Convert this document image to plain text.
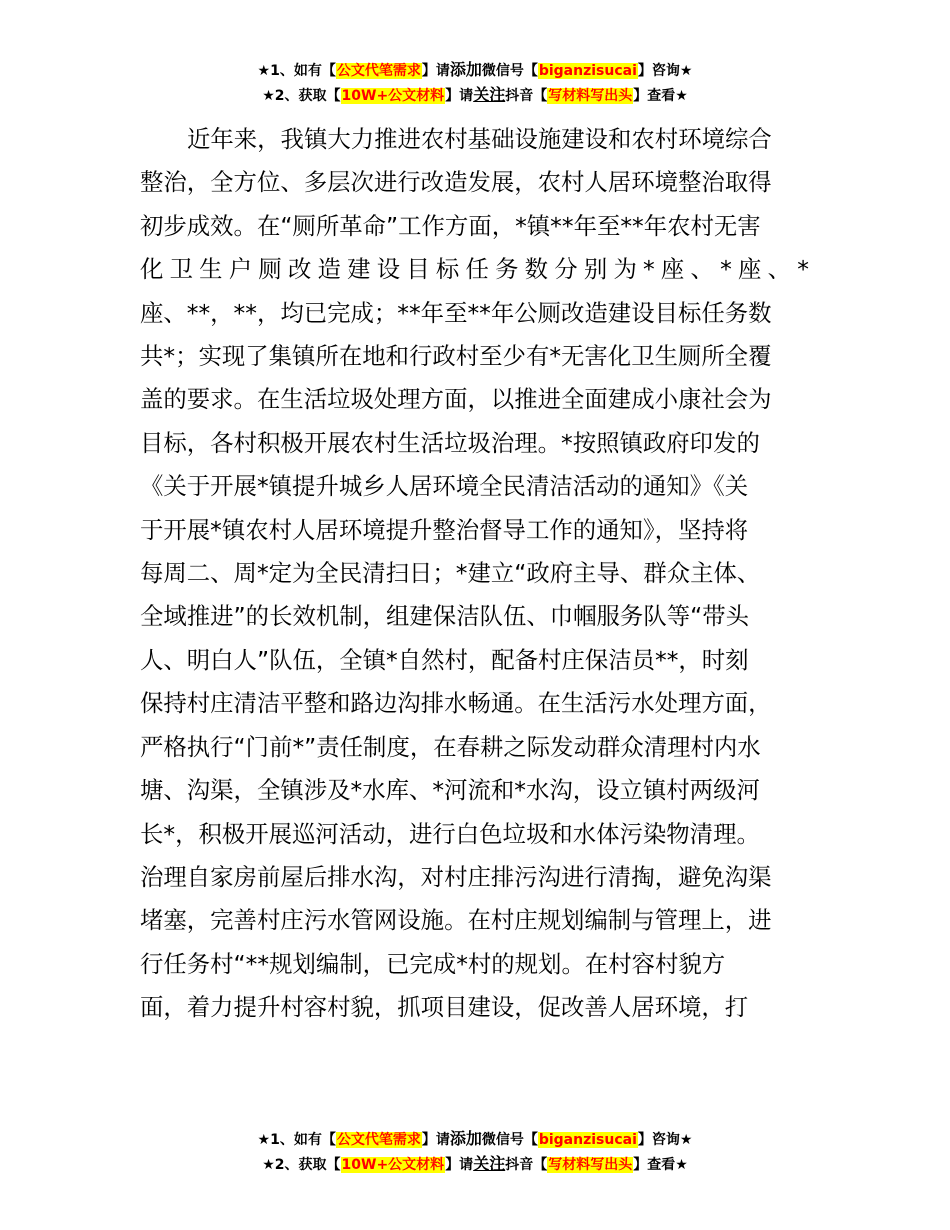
★1、如有【公文代笔需求】请添加微信号【biganzisucai】咨询★
★2、获取【10W+公文材料】请关注抖音【写材料写出头】查看★
近年来，我镇大力推进农村基础设施建设和农村环境综合
整治，全方位、多层次进行改造发展，农村人居环境整治取得
初步成效。在“厕所革命”工作方面，*镇**年至**年农村无害
化卫生户厕改造建设目标任务数分别为*座、*座、*
座、**，**，均已完成；**年至**年公厕改造建设目标任务数
共*；实现了集镇所在地和行政村至少有*无害化卫生厕所全覆
盖的要求。在生活垃圾处理方面，以推进全面建成小康社会为
目标，各村积极开展农村生活垃圾治理。*按照镇政府印发的
《关于开展*镇提升城乡人居环境全民清洁活动的通知》《关
于开展*镇农村人居环境提升整治督导工作的通知》，坚持将
每周二、周*定为全民清扫日；*建立“政府主导、群众主体、
全域推进”的长效机制，组建保洁队伍、巾帼服务队等“带头
人、明白人”队伍，全镇*自然村，配备村庄保洁员**，时刻
保持村庄清洁平整和路边沟排水畅通。在生活污水处理方面，
严格执行“门前*”责任制度，在春耕之际发动群众清理村内水
塘、沟渠，全镇涉及*水库、*河流和*水沟，设立镇村两级河
长*，积极开展巡河活动，进行白色垃圾和水体污染物清理。
治理自家房前屋后排水沟，对村庄排污沟进行清掏，避免沟渠
堵塞，完善村庄污水管网设施。在村庄规划编制与管理上，进
行任务村“**规划编制，已完成*村的规划。在村容村貌方
面，着力提升村容村貌，抓项目建设，促改善人居环境，打
★1、如有【公文代笔需求】请添加微信号【biganzisucai】咨询★
★2、获取【10W+公文材料】请关注抖音【写材料写出头】查看★
